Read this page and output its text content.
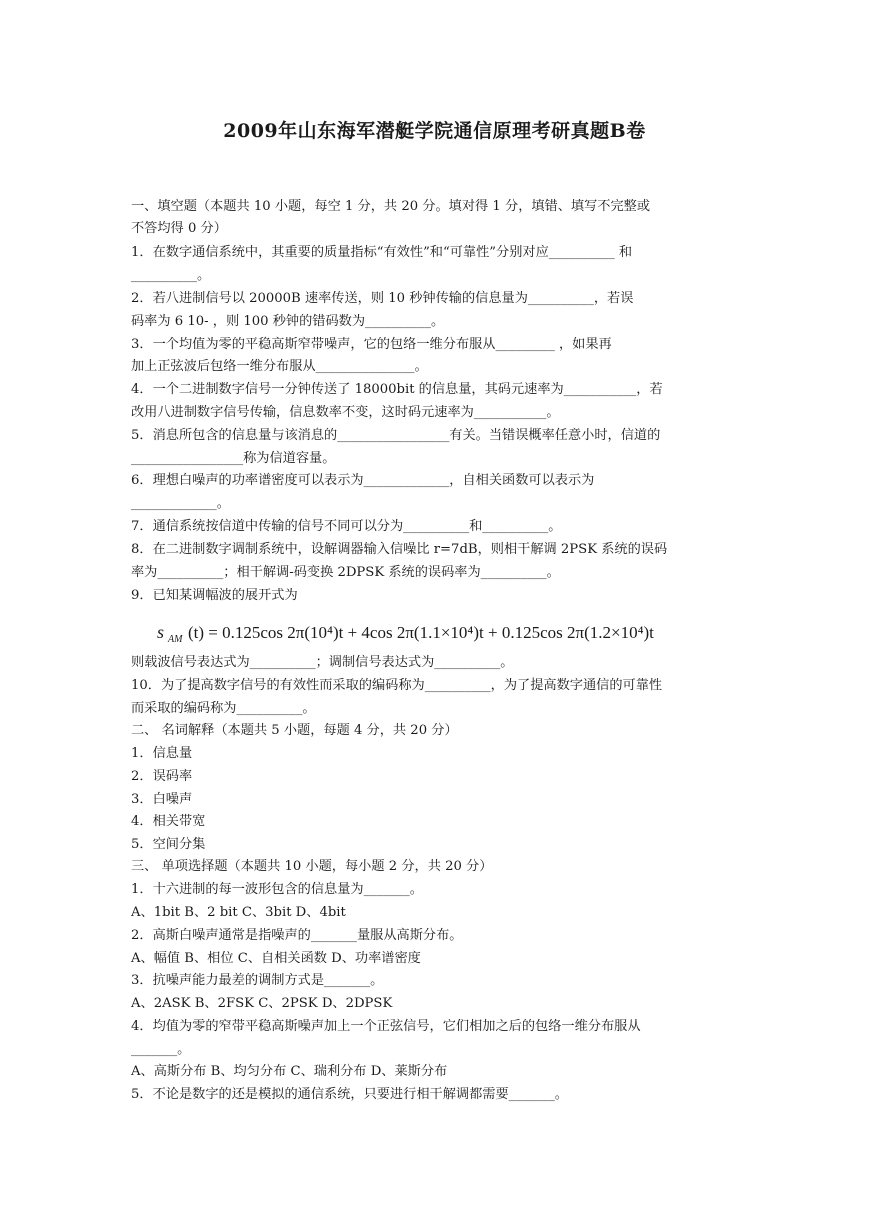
2009年山东海军潜艇学院通信原理考研真题B卷
一、填空题（本题共 10 小题，每空 1 分，共 20 分。填对得 1 分，填错、填写不完整或
不答均得 0 分）
1．在数字通信系统中，其重要的质量指标“有效性”和“可靠性”分别对应__________ 和
__________。
2．若八进制信号以 20000B 速率传送，则 10 秒钟传输的信息量为__________，若误
码率为 6 10- ，则 100 秒钟的错码数为__________。
3．一个均值为零的平稳高斯窄带噪声，它的包络一维分布服从_________ ，如果再
加上正弦波后包络一维分布服从_______________。
4．一个二进制数字信号一分钟传送了 18000bit 的信息量，其码元速率为___________，若
改用八进制数字信号传输，信息数率不变，这时码元速率为___________。
5．消息所包含的信息量与该消息的_________________有关。当错误概率任意小时，信道的
_________________称为信道容量。
6．理想白噪声的功率谱密度可以表示为_____________，自相关函数可以表示为
_____________。
7．通信系统按信道中传输的信号不同可以分为__________和__________。
8．在二进制数字调制系统中，设解调器输入信噪比 r=7dB，则相干解调 2PSK 系统的误码
率为__________；相干解调-码变换 2DPSK 系统的误码率为__________。
9．已知某调幅波的展开式为
s AM (t) = 0.125cos 2π(10⁴)t + 4cos 2π(1.1×10⁴)t + 0.125cos 2π(1.2×10⁴)t
则载波信号表达式为__________；调制信号表达式为__________。
10．为了提高数字信号的有效性而采取的编码称为__________，为了提高数字通信的可靠性
而采取的编码称为__________。
二、 名词解释（本题共 5 小题，每题 4 分，共 20 分）
1．信息量
2．误码率
3．白噪声
4．相关带宽
5．空间分集
三、 单项选择题（本题共 10 小题，每小题 2 分，共 20 分）
1．十六进制的每一波形包含的信息量为_______。
A、1bit B、2 bit C、3bit D、4bit
2．高斯白噪声通常是指噪声的_______量服从高斯分布。
A、幅值 B、相位 C、自相关函数 D、功率谱密度
3．抗噪声能力最差的调制方式是_______。
A、2ASK B、2FSK C、2PSK D、2DPSK
4．均值为零的窄带平稳高斯噪声加上一个正弦信号，它们相加之后的包络一维分布服从
_______。
A、高斯分布 B、均匀分布 C、瑞利分布 D、莱斯分布
5．不论是数字的还是模拟的通信系统，只要进行相干解调都需要_______。
